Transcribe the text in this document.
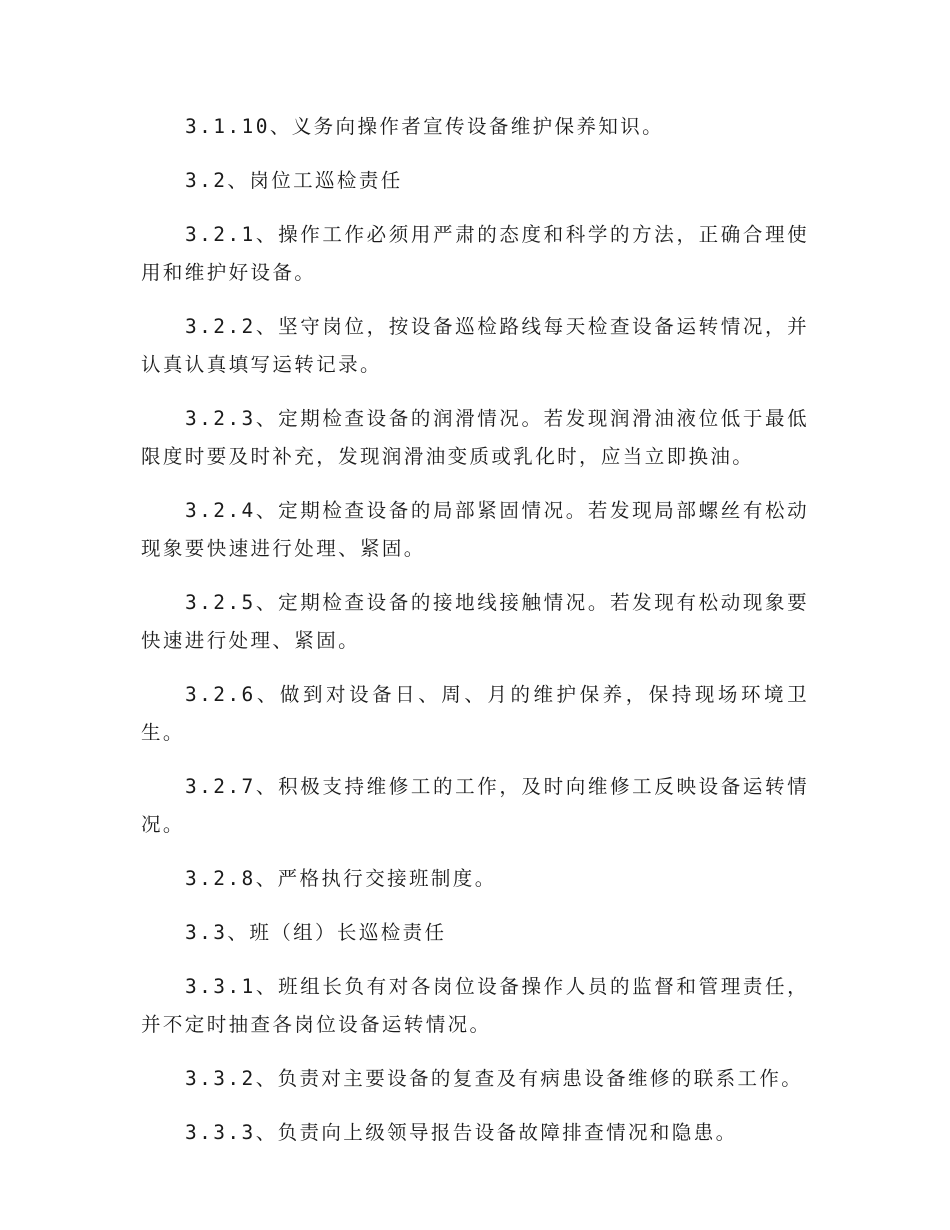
3.1.10、义务向操作者宣传设备维护保养知识。

3.2、岗位工巡检责任

3.2.1、操作工作必须用严肃的态度和科学的方法，正确合理使用和维护好设备。

3.2.2、坚守岗位，按设备巡检路线每天检查设备运转情况，并认真认真填写运转记录。

3.2.3、定期检查设备的润滑情况。若发现润滑油液位低于最低限度时要及时补充，发现润滑油变质或乳化时，应当立即换油。

3.2.4、定期检查设备的局部紧固情况。若发现局部螺丝有松动现象要快速进行处理、紧固。

3.2.5、定期检查设备的接地线接触情况。若发现有松动现象要快速进行处理、紧固。

3.2.6、做到对设备日、周、月的维护保养，保持现场环境卫生。

3.2.7、积极支持维修工的工作，及时向维修工反映设备运转情况。

3.2.8、严格执行交接班制度。

3.3、班（组）长巡检责任

3.3.1、班组长负有对各岗位设备操作人员的监督和管理责任，并不定时抽查各岗位设备运转情况。

3.3.2、负责对主要设备的复查及有病患设备维修的联系工作。

3.3.3、负责向上级领导报告设备故障排查情况和隐患。
